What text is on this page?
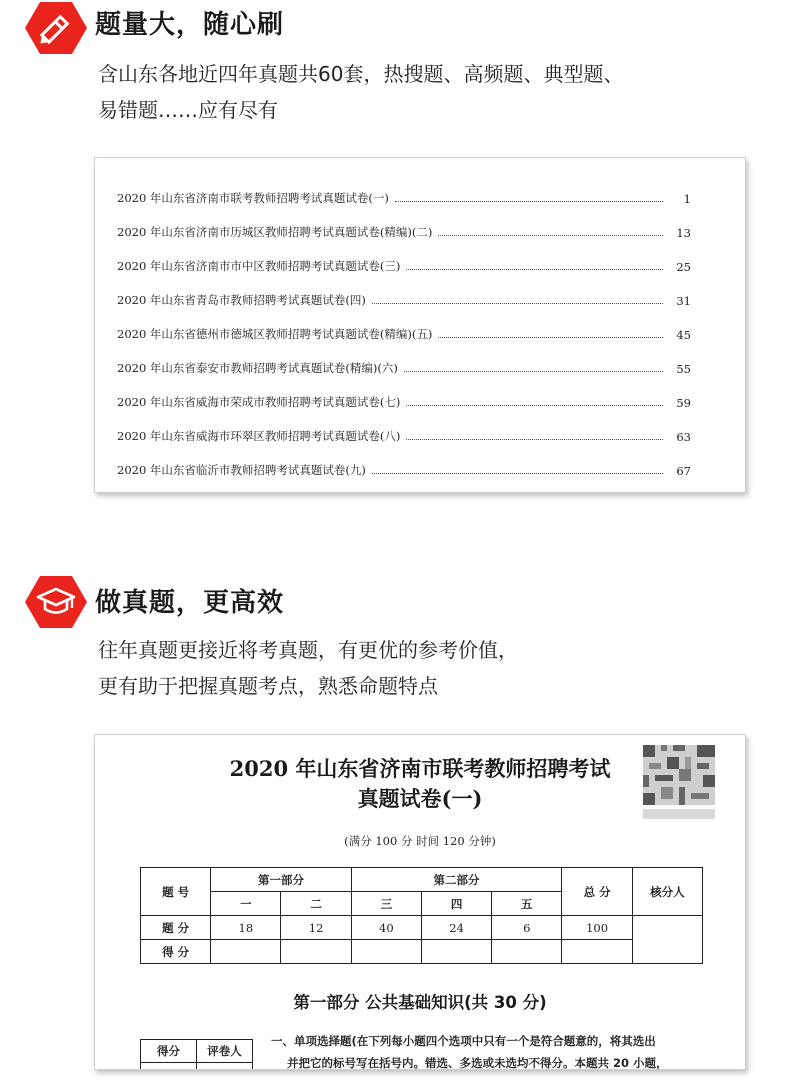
题量大，随心刷
含山东各地近四年真题共60套，热搜题、高频题、典型题、
易错题……应有尽有
2020 年山东省济南市联考教师招聘考试真题试卷(一)	1
2020 年山东省济南市历城区教师招聘考试真题试卷(精编)(二)	13
2020 年山东省济南市市中区教师招聘考试真题试卷(三)	25
2020 年山东省青岛市教师招聘考试真题试卷(四)	31
2020 年山东省德州市德城区教师招聘考试真题试卷(精编)(五)	45
2020 年山东省泰安市教师招聘考试真题试卷(精编)(六)	55
2020 年山东省威海市荣成市教师招聘考试真题试卷(七)	59
2020 年山东省威海市环翠区教师招聘考试真题试卷(八)	63
2020 年山东省临沂市教师招聘考试真题试卷(九)	67
做真题，更高效
往年真题更接近将考真题，有更优的参考价值，
更有助于把握真题考点，熟悉命题特点
2020 年山东省济南市联考教师招聘考试
真题试卷(一)
(满分 100 分 时间 120 分钟)
题 号	第一部分		第二部分			总 分	核分人
	一	二	三	四	五		
题 分	18	12	40	24	6	100	
得 分							
第一部分 公共基础知识(共 30 分)
得分	评卷人

一、单项选择题(在下列每小题四个选项中只有一个是符合题意的，将其选出
并把它的标号写在括号内。错选、多选或未选均不得分。本题共 20 小题，
